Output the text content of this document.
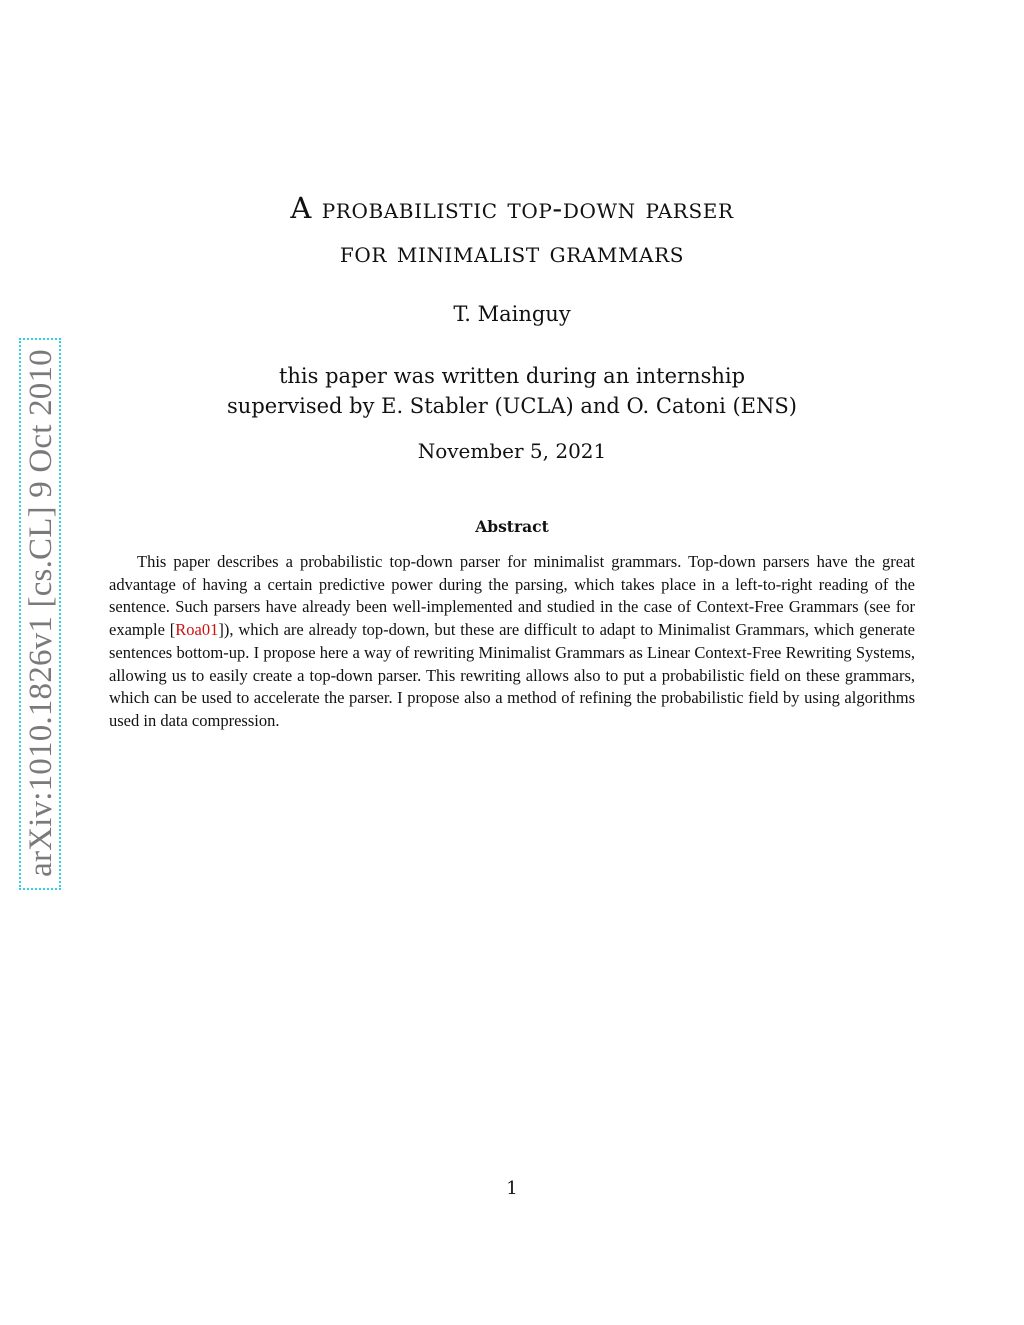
arXiv:1010.1826v1 [cs.CL] 9 Oct 2010
A probabilistic top-down parser
for minimalist grammars
T. Mainguy
this paper was written during an internship
supervised by E. Stabler (UCLA) and O. Catoni (ENS)
November 5, 2021
Abstract

This paper describes a probabilistic top-down parser for minimalist grammars. Top-down parsers have the great advantage of having a certain predictive power during the parsing, which takes place in a left-to-right reading of the sentence. Such parsers have already been well-implemented and studied in the case of Context-Free Grammars (see for example [Roa01]), which are already top-down, but these are difficult to adapt to Minimalist Grammars, which generate sentences bottom-up. I propose here a way of rewriting Minimalist Grammars as Linear Context-Free Rewriting Systems, allowing us to easily create a top-down parser. This rewriting allows also to put a probabilistic field on these grammars, which can be used to accelerate the parser. I propose also a method of refining the probabilistic field by using algorithms used in data compression.

1
